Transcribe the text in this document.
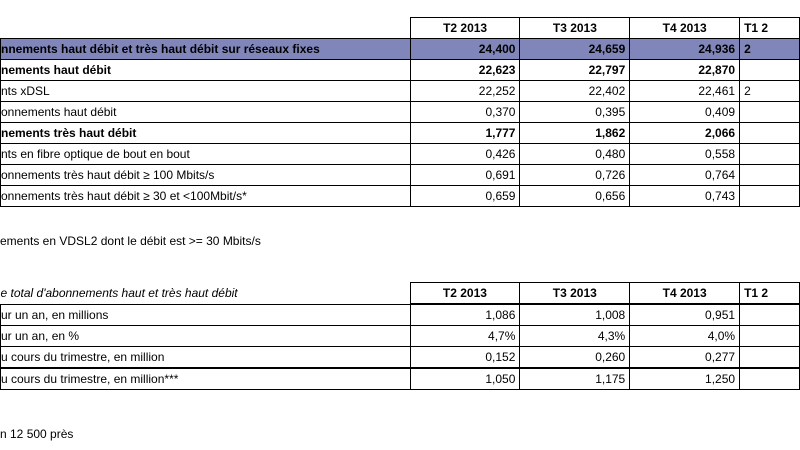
	T2 2013	T3 2013	T4 2013	T1 2
nnements haut débit et très haut débit sur réseaux fixes	24,400	24,659	24,936	2
nements haut débit	22,623	22,797	22,870	
nts xDSL	22,252	22,402	22,461	2
onnements haut débit	0,370	0,395	0,409	
nements très haut débit	1,777	1,862	2,066	
nts en fibre optique de bout en bout	0,426	0,480	0,558	
onnements très haut débit ≥ 100 Mbits/s	0,691	0,726	0,764	
onnements très haut débit ≥ 30 et <100Mbit/s*	0,659	0,656	0,743	
ements en VDSL2 dont le débit est >= 30 Mbits/s
e total d'abonnements haut et très haut débit	T2 2013	T3 2013	T4 2013	T1 2
ur un an, en millions	1,086	1,008	0,951	
ur un an, en %	4,7%	4,3%	4,0%	
u cours du trimestre, en million	0,152	0,260	0,277	
u cours du trimestre, en million***	1,050	1,175	1,250	
n 12 500 près
